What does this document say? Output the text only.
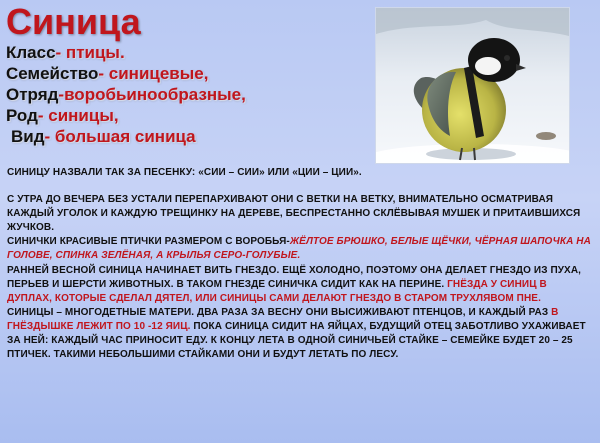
Синица
Класс- птицы.
Семейство- синицевые,
Отряд-воробьинообразные,
Род- синицы,
Вид- большая синица

СИНИЦУ НАЗВАЛИ ТАК ЗА ПЕСЕНКУ: «СИИ – СИИ» ИЛИ «ЦИИ – ЦИИ».

С УТРА ДО ВЕЧЕРА БЕЗ УСТАЛИ ПЕРЕПАРХИВАЮТ ОНИ С ВЕТКИ НА ВЕТКУ, ВНИМАТЕЛЬНО ОСМАТРИВАЯ КАЖДЫЙ УГОЛОК И КАЖДУЮ ТРЕЩИНКУ НА ДЕРЕВЕ, БЕСПРЕСТАННО СКЛЁВЫВАЯ МУШЕК И ПРИТАИВШИХСЯ ЖУЧКОВ.

СИНИЧКИ КРАСИВЫЕ ПТИЧКИ РАЗМЕРОМ С ВОРОБЬЯ-ЖЁЛТОЕ БРЮШКО, БЕЛЫЕ ЩЁЧКИ, ЧЁРНАЯ ШАПОЧКА НА ГОЛОВЕ, СПИНКА ЗЕЛЁНАЯ, А КРЫЛЬЯ СЕРО-ГОЛУБЫЕ.

РАННЕЙ ВЕСНОЙ СИНИЦА НАЧИНАЕТ ВИТЬ ГНЕЗДО. ЕЩЁ ХОЛОДНО, ПОЭТОМУ ОНА ДЕЛАЕТ ГНЕЗДО ИЗ ПУХА, ПЕРЬЕВ И ШЕРСТИ ЖИВОТНЫХ. В ТАКОМ ГНЕЗДЕ СИНИЧКА СИДИТ КАК НА ПЕРИНЕ. ГНЁЗДА У СИНИЦ В ДУПЛАХ, КОТОРЫЕ СДЕЛАЛ ДЯТЕЛ, ИЛИ СИНИЦЫ САМИ ДЕЛАЮТ ГНЕЗДО В СТАРОМ ТРУХЛЯВОМ ПНЕ.

СИНИЦЫ – МНОГОДЕТНЫЕ МАТЕРИ. ДВА РАЗА ЗА ВЕСНУ ОНИ ВЫСИЖИВАЮТ ПТЕНЦОВ, И КАЖДЫЙ РАЗ В ГНЁЗДЫШКЕ ЛЕЖИТ ПО 10 -12 ЯИЦ. ПОКА СИНИЦА СИДИТ НА ЯЙЦАХ, БУДУЩИЙ ОТЕЦ ЗАБОТЛИВО УХАЖИВАЕТ ЗА НЕЙ: КАЖДЫЙ ЧАС ПРИНОСИТ ЕДУ. К КОНЦУ ЛЕТА В ОДНОЙ СИНИЧЬЕЙ СТАЙКЕ – СЕМЕЙКЕ БУДЕТ 20 – 25 ПТИЧЕК. ТАКИМИ НЕБОЛЬШИМИ СТАЙКАМИ ОНИ И БУДУТ ЛЕТАТЬ ПО ЛЕСУ.
